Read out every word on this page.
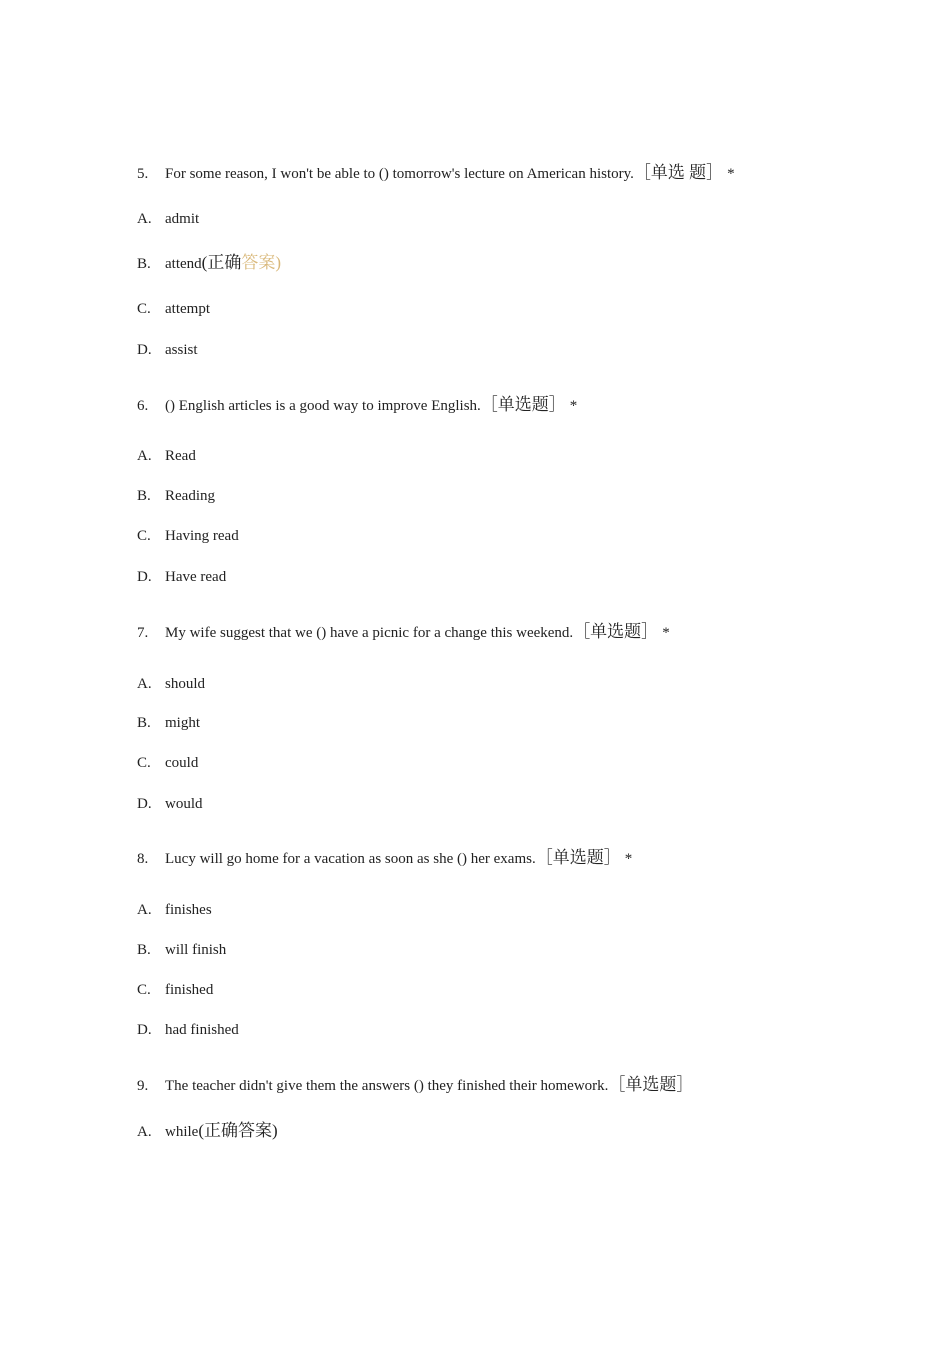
5. For some reason, I won't be able to () tomorrow's lecture on American history.［单选 题］ *
A. admit
B. attend(正确答案)
C. attempt
D. assist
6. () English articles is a good way to improve English.［单选题］ *
A. Read
B. Reading
C. Having read
D. Have read
7. My wife suggest that we () have a picnic for a change this weekend.［单选题］ *
A. should
B. might
C. could
D. would
8. Lucy will go home for a vacation as soon as she () her exams.［单选题］ *
A. finishes
B. will finish
C. finished
D. had finished
9. The teacher didn't give them the answers () they finished their homework.［单选题］
A. while(正确答案)
